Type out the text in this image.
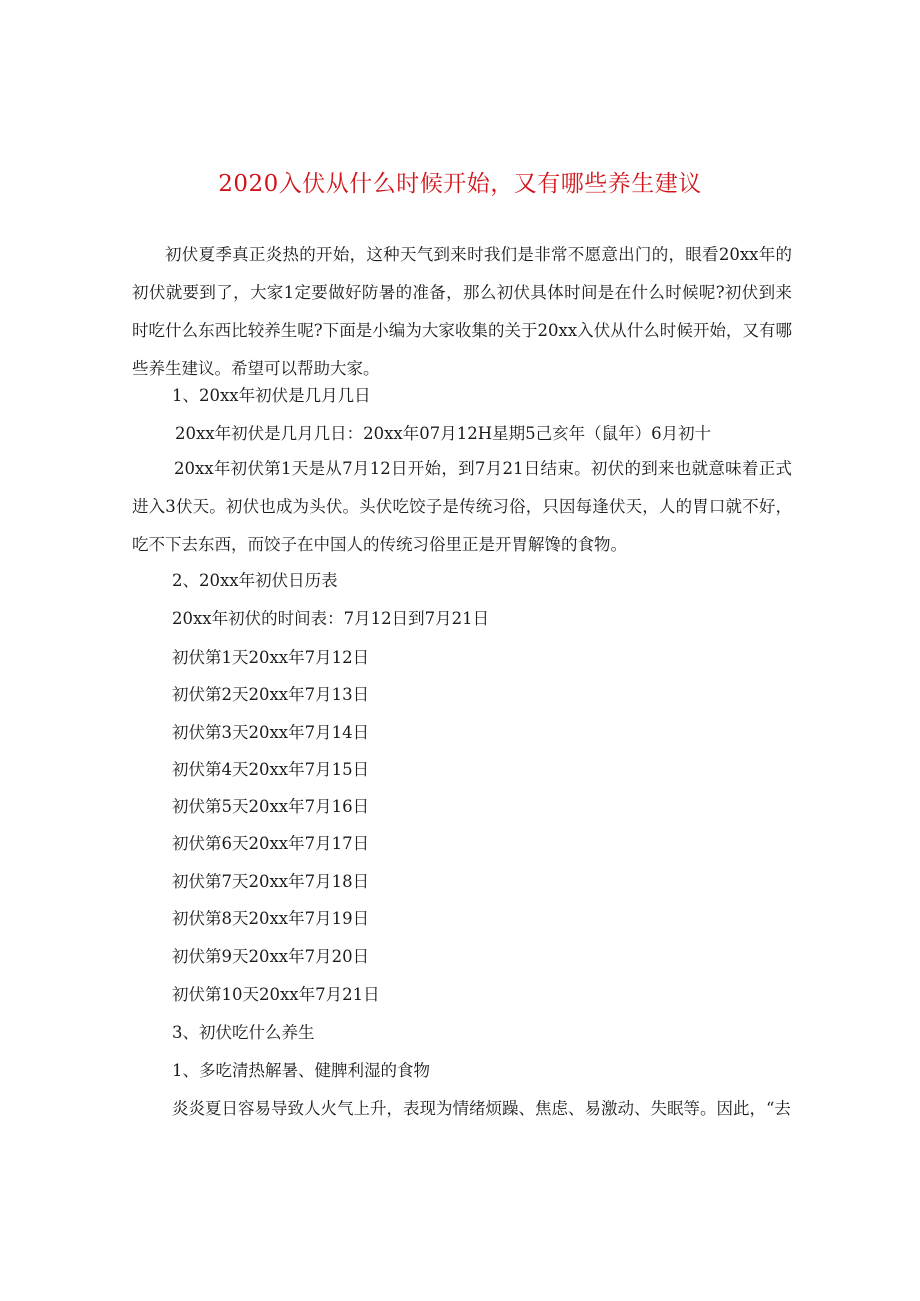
2020入伏从什么时候开始，又有哪些养生建议
初伏夏季真正炎热的开始，这种天气到来时我们是非常不愿意出门的，眼看20xx年的初伏就要到了，大家1定要做好防暑的准备，那么初伏具体时间是在什么时候呢?初伏到来时吃什么东西比较养生呢?下面是小编为大家收集的关于20xx入伏从什么时候开始，又有哪些养生建议。希望可以帮助大家。
1、20xx年初伏是几月几日
20xx年初伏是几月几日：20xx年07月12H星期5己亥年（鼠年）6月初十
20xx年初伏第1天是从7月12日开始，到7月21日结束。初伏的到来也就意味着正式进入3伏天。初伏也成为头伏。头伏吃饺子是传统习俗，只因每逢伏天，人的胃口就不好，吃不下去东西，而饺子在中国人的传统习俗里正是开胃解馋的食物。
2、20xx年初伏日历表
20xx年初伏的时间表：7月12日到7月21日
初伏第1天20xx年7月12日
初伏第2天20xx年7月13日
初伏第3天20xx年7月14日
初伏第4天20xx年7月15日
初伏第5天20xx年7月16日
初伏第6天20xx年7月17日
初伏第7天20xx年7月18日
初伏第8天20xx年7月19日
初伏第9天20xx年7月20日
初伏第10天20xx年7月21日
3、初伏吃什么养生
1、多吃清热解暑、健脾利湿的食物
炎炎夏日容易导致人火气上升，表现为情绪烦躁、焦虑、易激动、失眠等。因此，“去
